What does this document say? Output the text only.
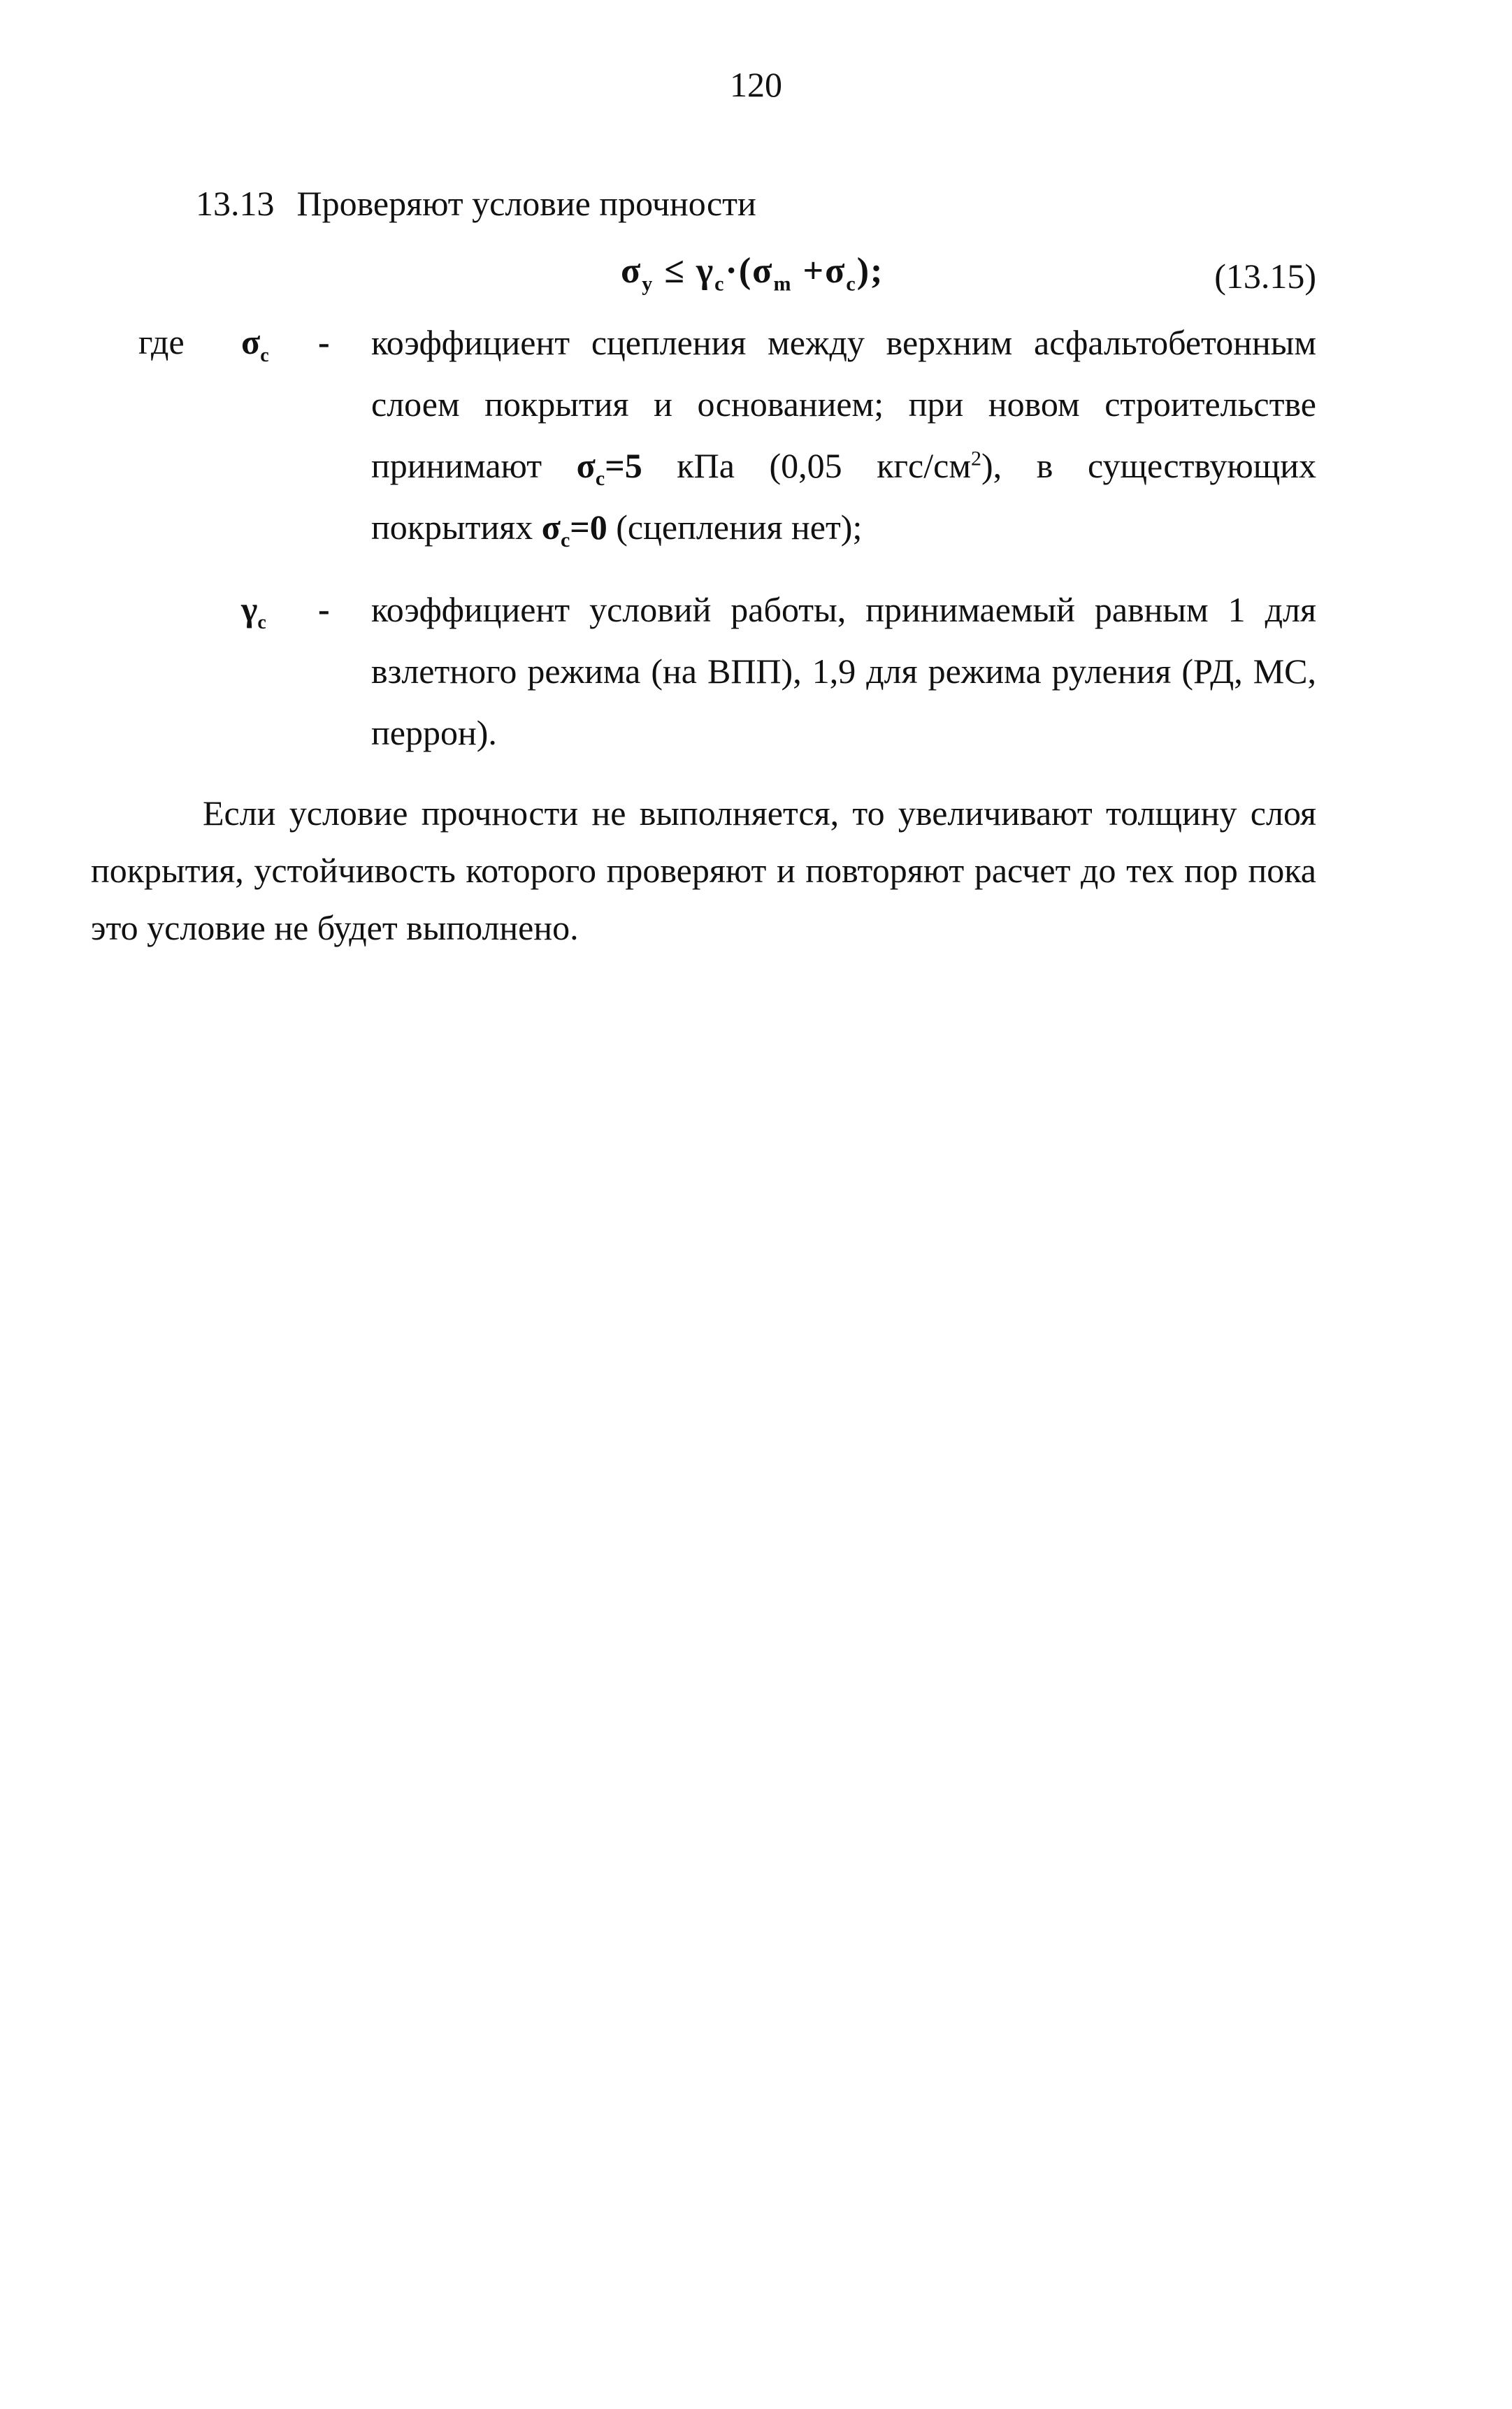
120
13.13 Проверяют условие прочности
$\sigma_y \le \gamma_c\cdot(\sigma_m +\sigma_c)$;	(13.15)
где $\sigma_c$ - коэффициент сцепления между верхним асфальтобетонным слоем покрытия и основанием; при новом строительстве принимают $\sigma_c=5$ кПа (0,05 кгс/$см^2$), в существующих покрытиях $\sigma_c=0$ (сцепления нет);
$\gamma_c$ - коэффициент условий работы, принимаемый равным 1 для взлетного режима (на ВПП), 1,9 для режима руления (РД, МС, перрон).
Если условие прочности не выполняется, то увеличивают толщину слоя покрытия, устойчивость которого проверяют и повторяют расчет до тех пор пока это условие не будет выполнено.
